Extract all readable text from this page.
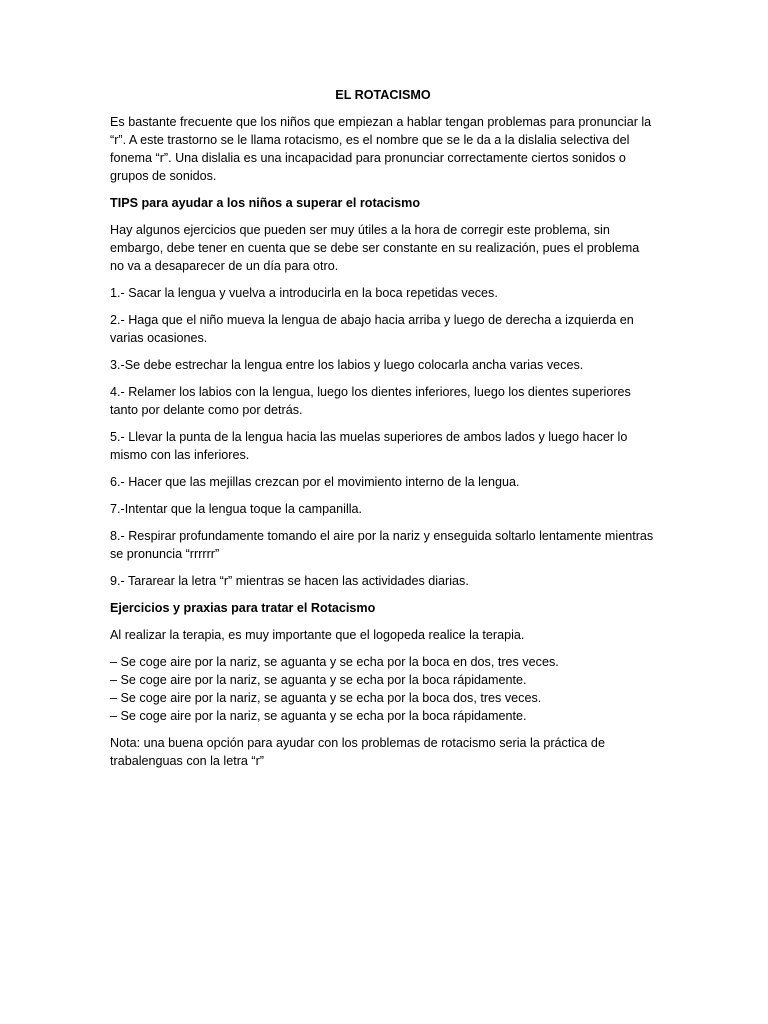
EL ROTACISMO

Es bastante frecuente que los niños que empiezan a hablar tengan problemas para pronunciar la “r”. A este trastorno se le llama rotacismo, es el nombre que se le da a la dislalia selectiva del fonema “r”. Una dislalia es una incapacidad para pronunciar correctamente ciertos sonidos o grupos de sonidos.

TIPS para ayudar a los niños a superar el rotacismo

Hay algunos ejercicios que pueden ser muy útiles a la hora de corregir este problema, sin embargo, debe tener en cuenta que se debe ser constante en su realización, pues el problema no va a desaparecer de un día para otro.

1.- Sacar la lengua y vuelva a introducirla en la boca repetidas veces.

2.- Haga que el niño mueva la lengua de abajo hacia arriba y luego de derecha a izquierda en varias ocasiones.

3.-Se debe estrechar la lengua entre los labios y luego colocarla ancha varias veces.

4.- Relamer los labios con la lengua, luego los dientes inferiores, luego los dientes superiores tanto por delante como por detrás.

5.- Llevar la punta de la lengua hacia las muelas superiores de ambos lados y luego hacer lo mismo con las inferiores.

6.- Hacer que las mejillas crezcan por el movimiento interno de la lengua.

7.-Intentar que la lengua toque la campanilla.

8.- Respirar profundamente tomando el aire por la nariz y enseguida soltarlo lentamente mientras se pronuncia “rrrrrr”

9.- Tararear la letra “r” mientras se hacen las actividades diarias.

Ejercicios y praxias para tratar el Rotacismo

Al realizar la terapia, es muy importante que el logopeda realice la terapia.

– Se coge aire por la nariz, se aguanta y se echa por la boca en dos, tres veces.
– Se coge aire por la nariz, se aguanta y se echa por la boca rápidamente.
– Se coge aire por la nariz, se aguanta y se echa por la boca dos, tres veces.
– Se coge aire por la nariz, se aguanta y se echa por la boca rápidamente.

Nota: una buena opción para ayudar con los problemas de rotacismo seria la práctica de trabalenguas con la letra “r”
